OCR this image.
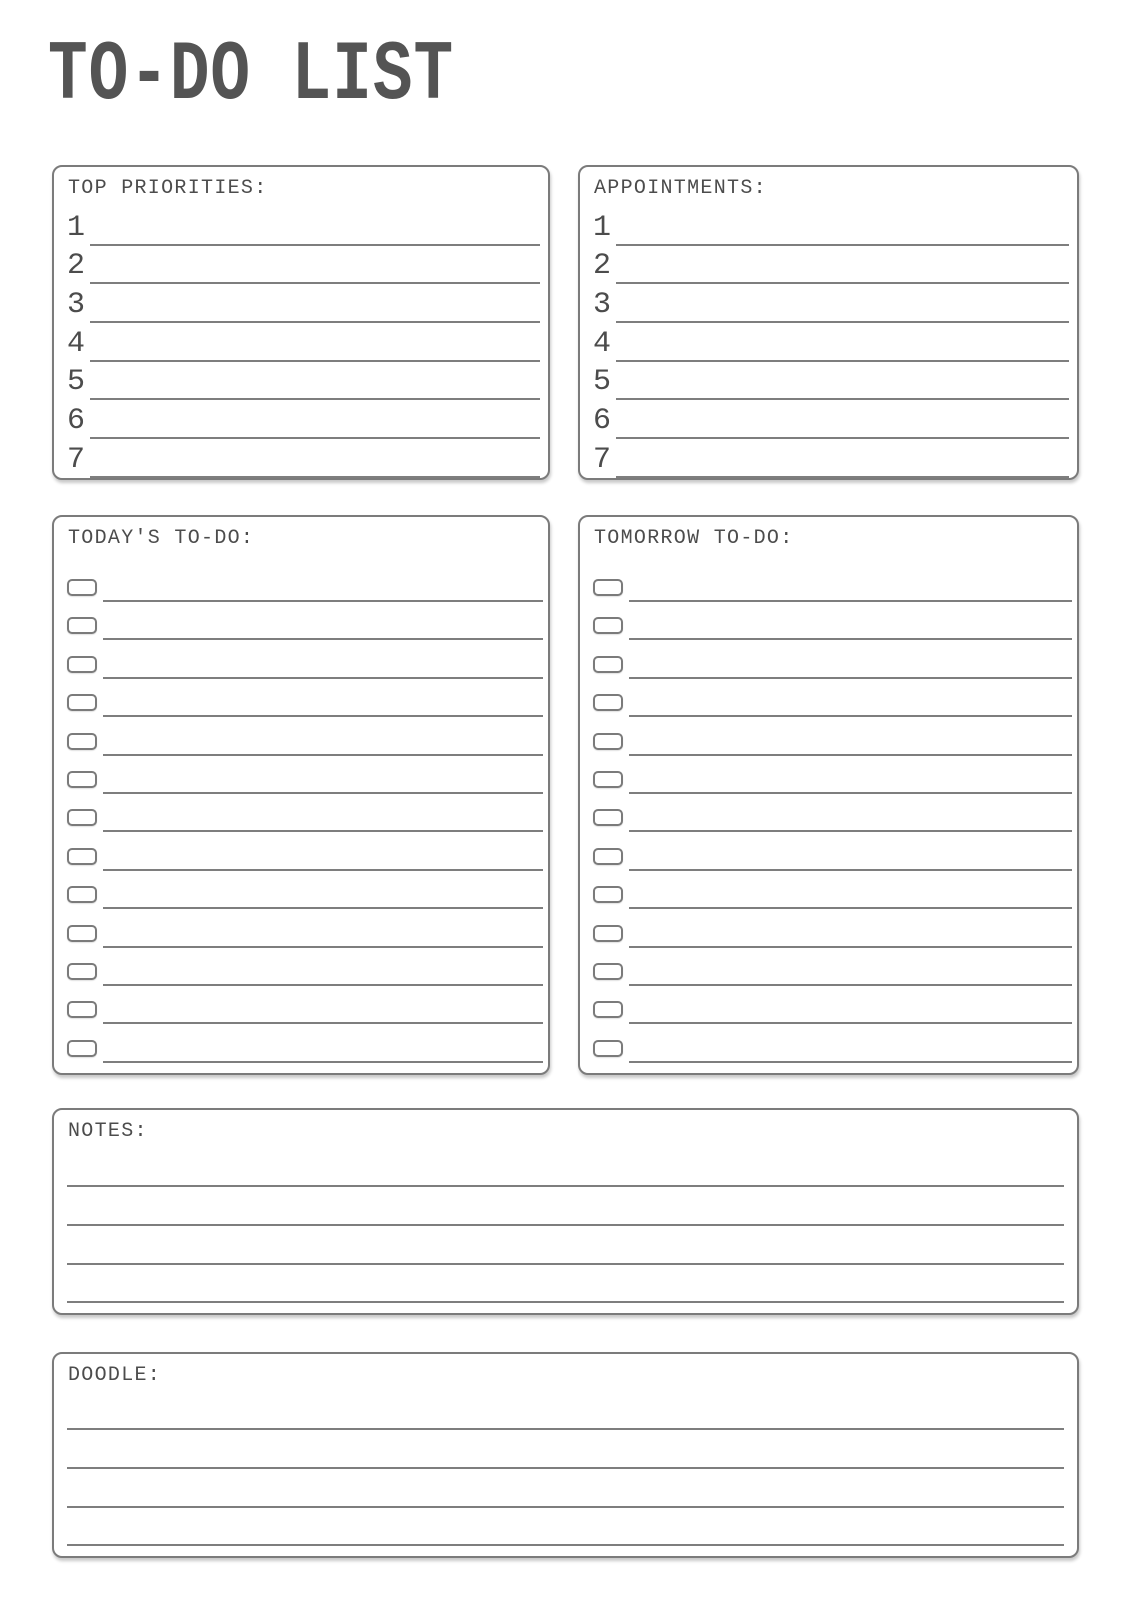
TO-DO LIST
TOP PRIORITIES:
1
2
3
4
5
6
7
APPOINTMENTS:
1
2
3
4
5
6
7
TODAY'S TO-DO:	TOMORROW TO-DO:
NOTES:
DOODLE:
